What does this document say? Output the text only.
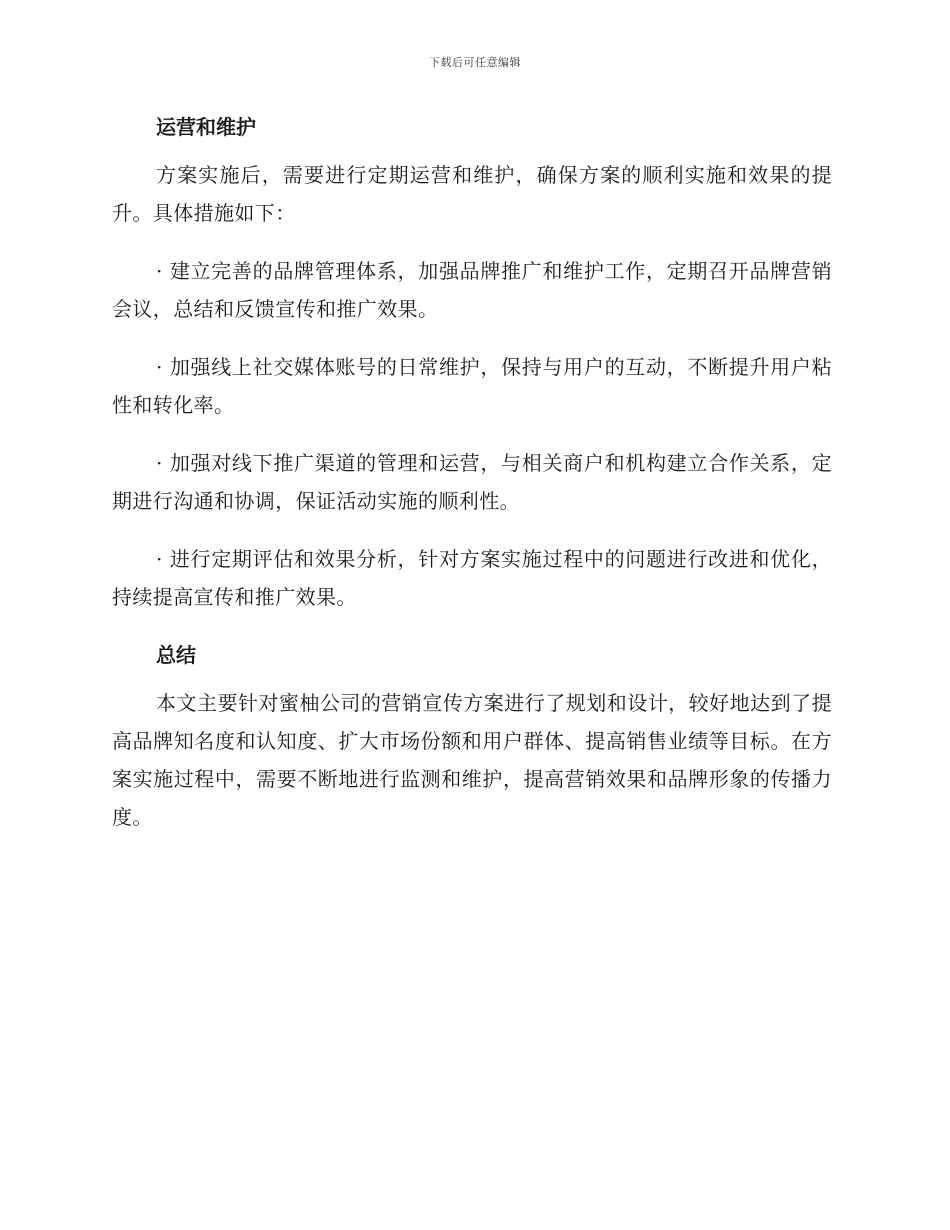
下载后可任意编辑
运营和维护

方案实施后，需要进行定期运营和维护，确保方案的顺利实施和效果的提升。具体措施如下：

· 建立完善的品牌管理体系，加强品牌推广和维护工作，定期召开品牌营销会议，总结和反馈宣传和推广效果。

· 加强线上社交媒体账号的日常维护，保持与用户的互动，不断提升用户粘性和转化率。

· 加强对线下推广渠道的管理和运营，与相关商户和机构建立合作关系，定期进行沟通和协调，保证活动实施的顺利性。

· 进行定期评估和效果分析，针对方案实施过程中的问题进行改进和优化，持续提高宣传和推广效果。

总结

本文主要针对蜜柚公司的营销宣传方案进行了规划和设计，较好地达到了提高品牌知名度和认知度、扩大市场份额和用户群体、提高销售业绩等目标。在方案实施过程中，需要不断地进行监测和维护，提高营销效果和品牌形象的传播力度。
